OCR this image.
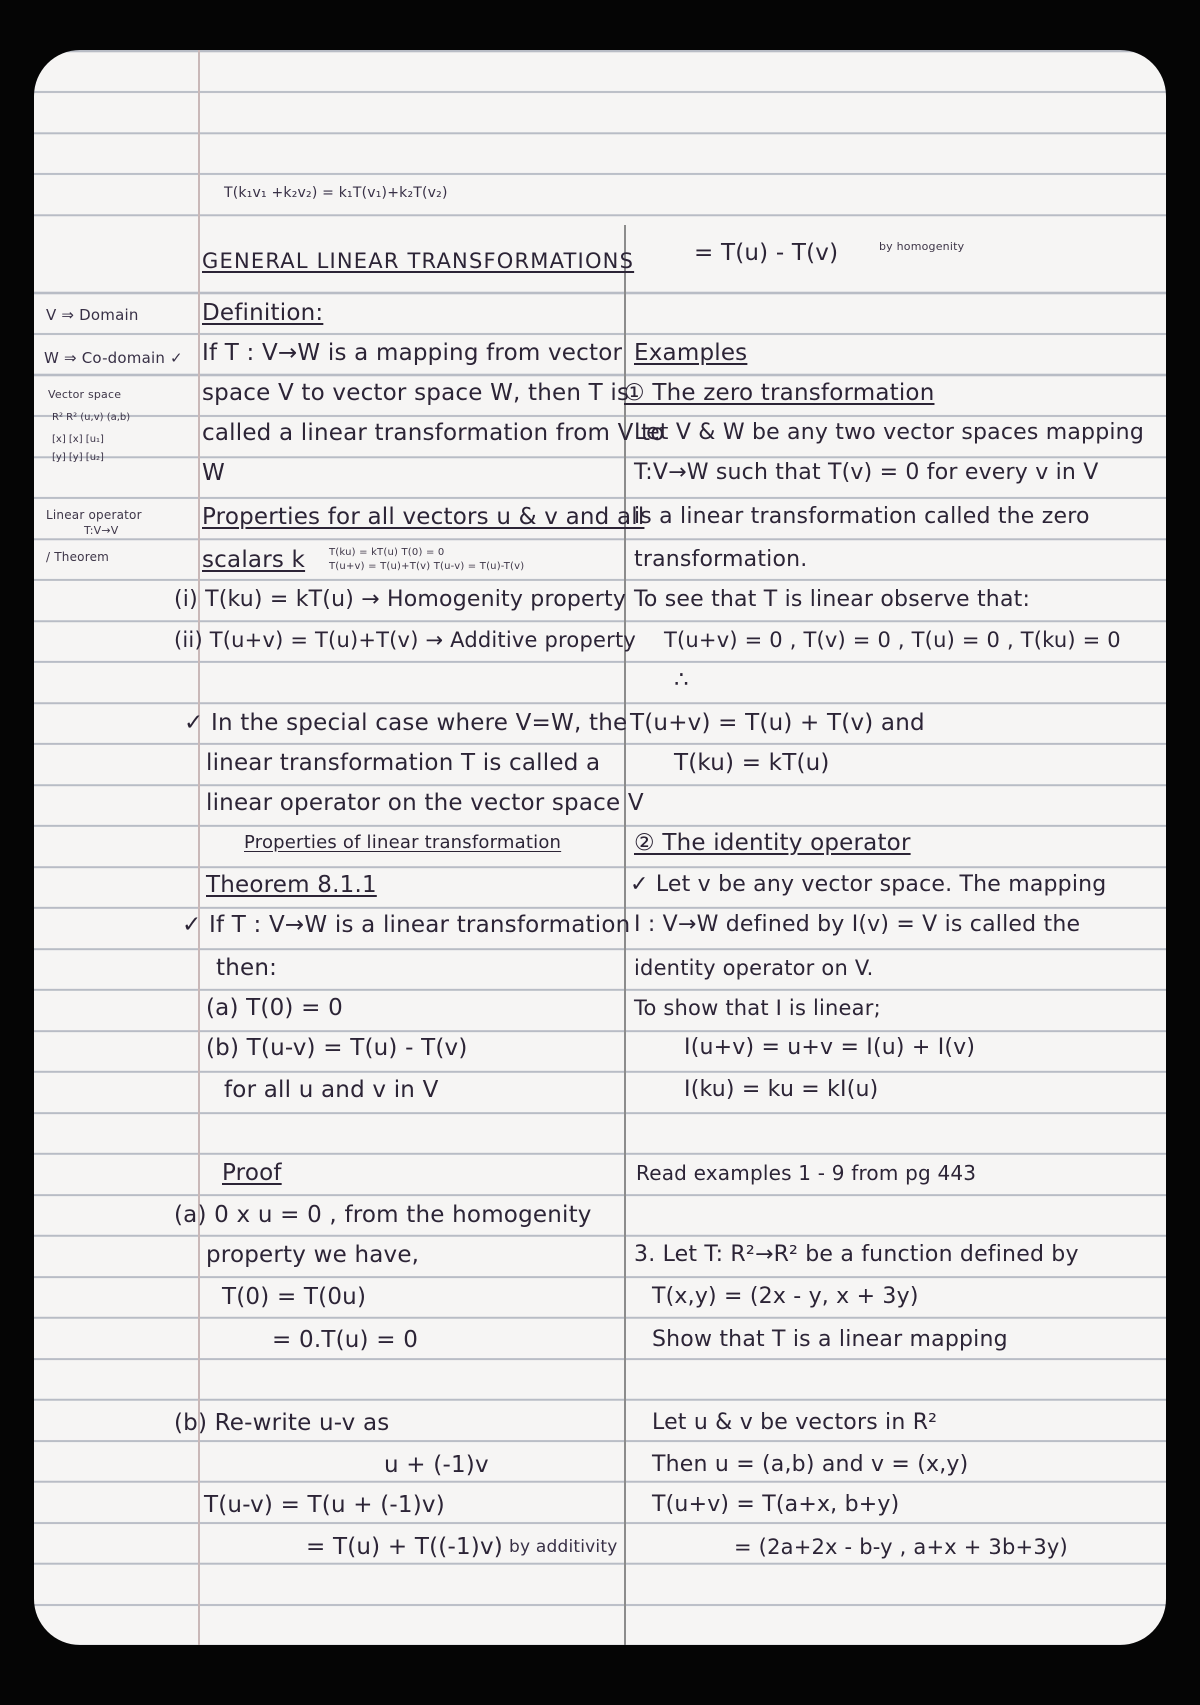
T(k₁v₁ +k₂v₂) = k₁T(v₁)+k₂T(v₂)
V ⇒ Domain
W ⇒ Co-domain ✓
Vector space
R² R² (u,v) (a,b)
[x] [x] [u₁]
[y] [y] [u₂]
Linear operator
T:V→V
/ Theorem
GENERAL LINEAR TRANSFORMATIONS
Definition:
If T : V→W is a mapping from vector
space V to vector space W, then T is
called a linear transformation from V to
W
Properties for all vectors u & v and all
scalars k T(ku) = kT(u) T(0) = 0
T(u+v) = T(u)+T(v) T(u-v) = T(u)-T(v)
(i) T(ku) = kT(u) → Homogenity property
(ii) T(u+v) = T(u)+T(v) → Additive property
✓ In the special case where V=W, the
linear transformation T is called a
linear operator on the vector space V
Properties of linear transformation
Theorem 8.1.1
✓ If T : V→W is a linear transformation
then:
(a) T(0) = 0
(b) T(u-v) = T(u) - T(v)
for all u and v in V
Proof
(a) 0 x u = 0 , from the homogenity
property we have,
T(0) = T(0u)
= 0.T(u) = 0
(b) Re-write u-v as
u + (-1)v
T(u-v) = T(u + (-1)v)
= T(u) + T((-1)v) by additivity
= T(u) - T(v)	by homogenity
Examples
① The zero transformation
Let V & W be any two vector spaces mapping
T:V→W such that T(v) = 0 for every v in V
is a linear transformation called the zero
transformation.
To see that T is linear observe that:
T(u+v) = 0 , T(v) = 0 , T(u) = 0 , T(ku) = 0
∴
T(u+v) = T(u) + T(v) and
T(ku) = kT(u)
② The identity operator
✓ Let v be any vector space. The mapping
I : V→W defined by I(v) = V is called the
identity operator on V.
To show that I is linear;
I(u+v) = u+v = I(u) + I(v)
I(ku) = ku = kI(u)
Read examples 1 - 9 from pg 443
3. Let T: R²→R² be a function defined by
T(x,y) = (2x - y, x + 3y)
Show that T is a linear mapping
Let u & v be vectors in R²
Then u = (a,b) and v = (x,y)
T(u+v) = T(a+x, b+y)
= (2a+2x - b-y , a+x + 3b+3y)
